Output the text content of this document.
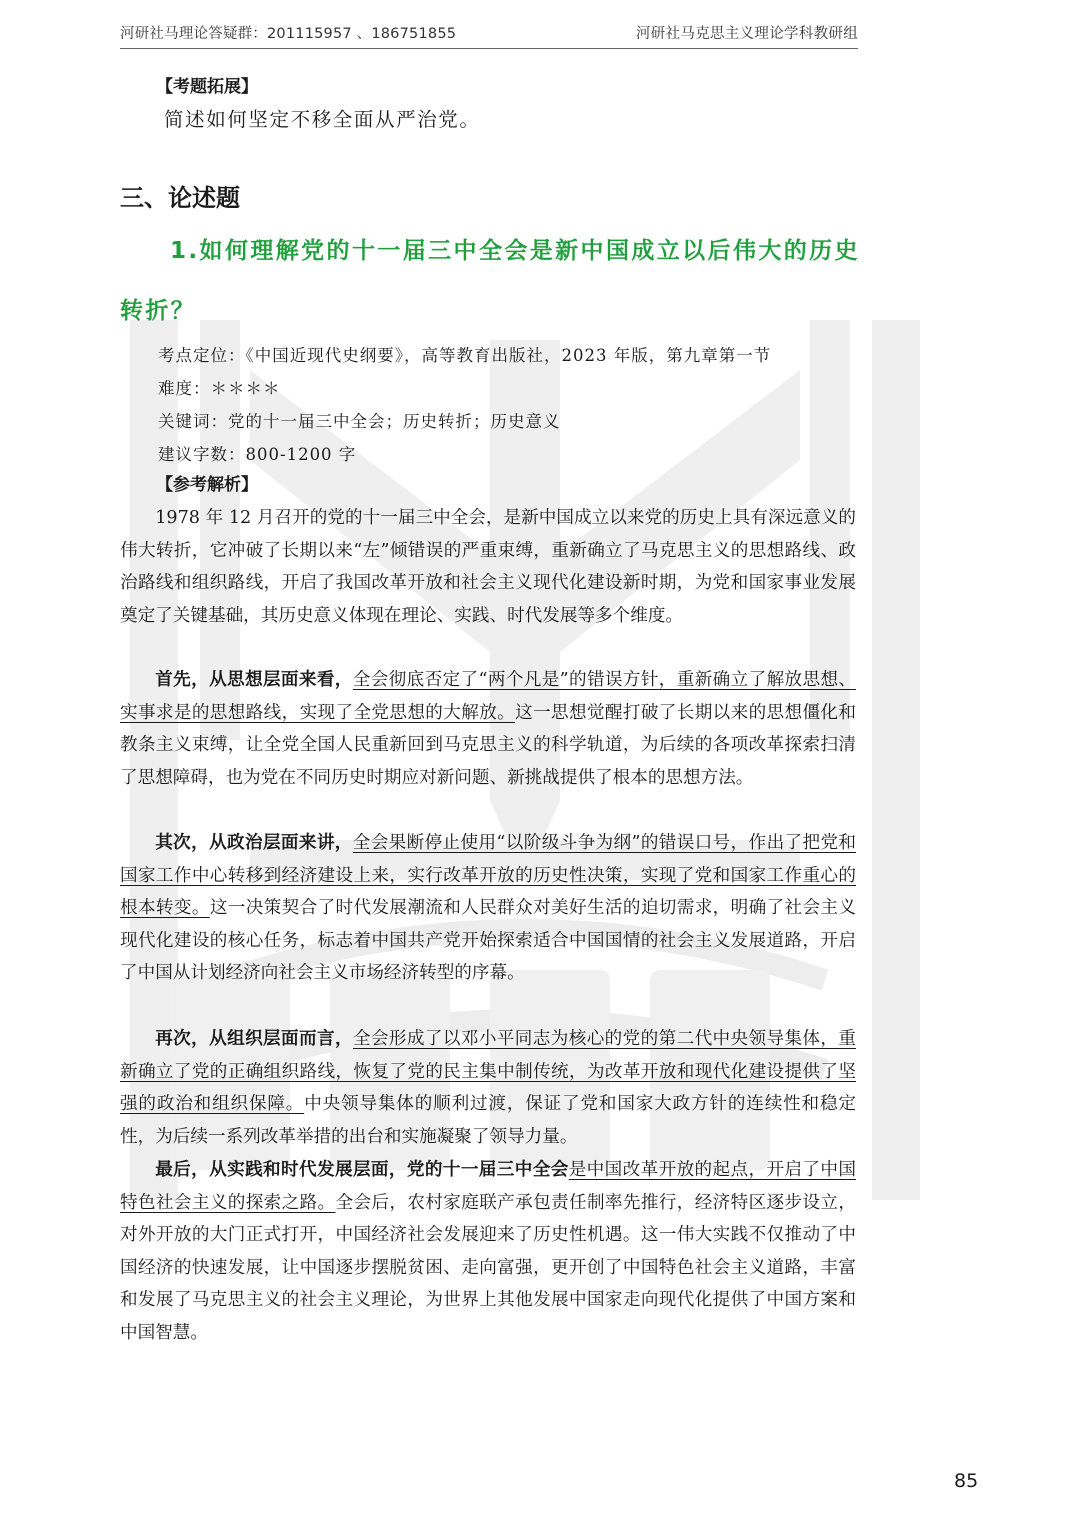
河研社马理论答疑群：201115957 、186751855	河研社马克思主义理论学科教研组
【考题拓展】
简述如何坚定不移全面从严治党。
三、论述题
1.如何理解党的十一届三中全会是新中国成立以后伟大的历史
转折？
考点定位：《中国近现代史纲要》，高等教育出版社，2023 年版，第九章第一节
难度：＊＊＊＊
关键词：党的十一届三中全会；历史转折；历史意义
建议字数：800-1200 字
【参考解析】

1978 年 12 月召开的党的十一届三中全会，是新中国成立以来党的历史上具有深远意义的伟大转折，它冲破了长期以来“左”倾错误的严重束缚，重新确立了马克思主义的思想路线、政治路线和组织路线，开启了我国改革开放和社会主义现代化建设新时期，为党和国家事业发展奠定了关键基础，其历史意义体现在理论、实践、时代发展等多个维度。

首先，从思想层面来看，全会彻底否定了“两个凡是”的错误方针，重新确立了解放思想、实事求是的思想路线，实现了全党思想的大解放。这一思想觉醒打破了长期以来的思想僵化和教条主义束缚，让全党全国人民重新回到马克思主义的科学轨道，为后续的各项改革探索扫清了思想障碍，也为党在不同历史时期应对新问题、新挑战提供了根本的思想方法。

其次，从政治层面来讲，全会果断停止使用“以阶级斗争为纲”的错误口号，作出了把党和国家工作中心转移到经济建设上来，实行改革开放的历史性决策，实现了党和国家工作重心的根本转变。这一决策契合了时代发展潮流和人民群众对美好生活的迫切需求，明确了社会主义现代化建设的核心任务，标志着中国共产党开始探索适合中国国情的社会主义发展道路，开启了中国从计划经济向社会主义市场经济转型的序幕。

再次，从组织层面而言，全会形成了以邓小平同志为核心的党的第二代中央领导集体，重新确立了党的正确组织路线，恢复了党的民主集中制传统，为改革开放和现代化建设提供了坚强的政治和组织保障。中央领导集体的顺利过渡，保证了党和国家大政方针的连续性和稳定性，为后续一系列改革举措的出台和实施凝聚了领导力量。

最后，从实践和时代发展层面，党的十一届三中全会是中国改革开放的起点，开启了中国特色社会主义的探索之路。全会后，农村家庭联产承包责任制率先推行，经济特区逐步设立，对外开放的大门正式打开，中国经济社会发展迎来了历史性机遇。这一伟大实践不仅推动了中国经济的快速发展，让中国逐步摆脱贫困、走向富强，更开创了中国特色社会主义道路，丰富和发展了马克思主义的社会主义理论，为世界上其他发展中国家走向现代化提供了中国方案和中国智慧。

85
